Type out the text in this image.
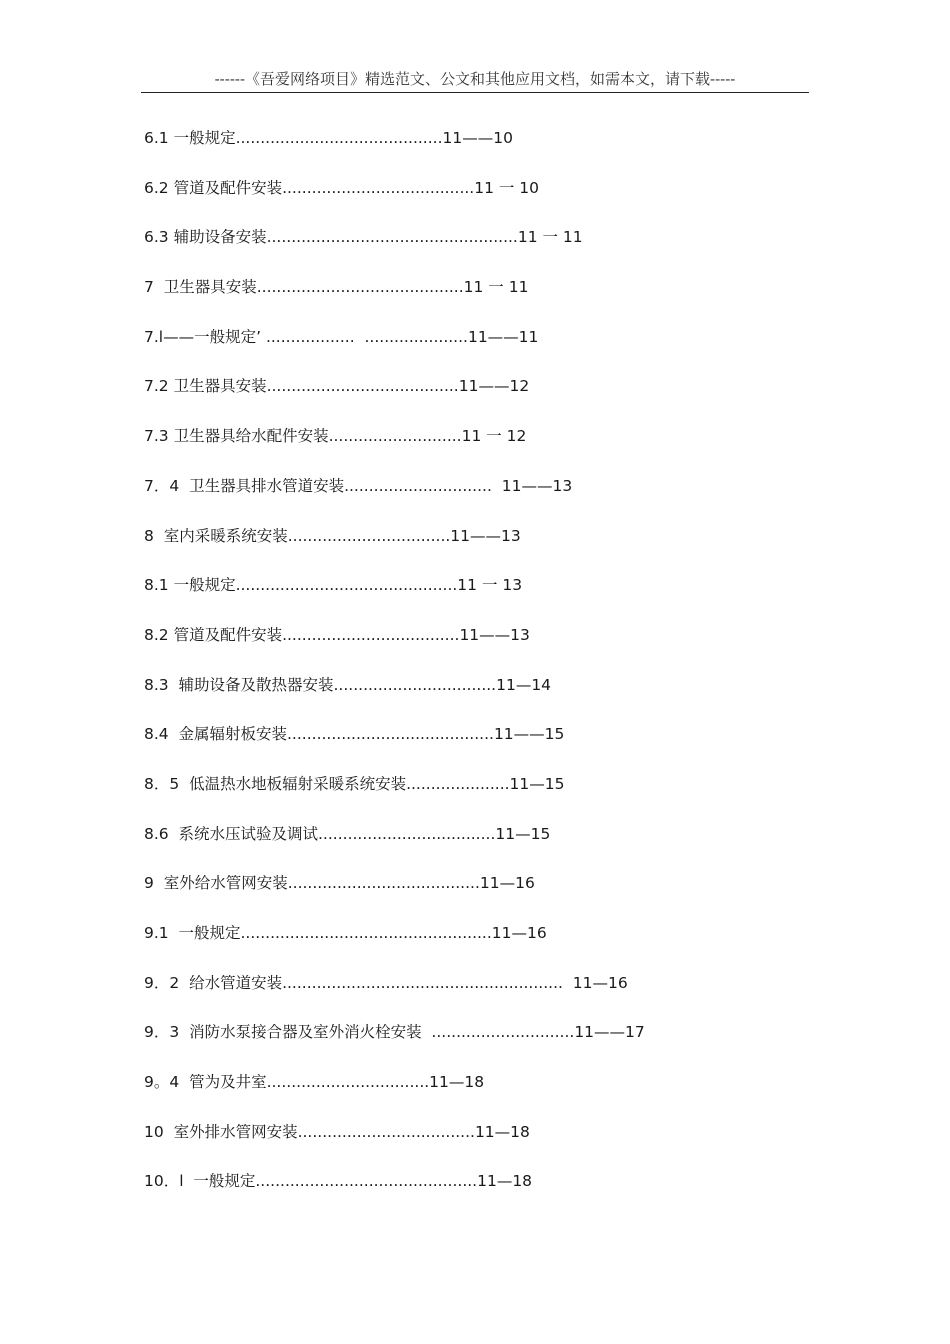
------《吾爱网络项目》精选范文、公文和其他应用文档，如需本文，请下载-----
6.1 一般规定..........................................11——10
6.2 管道及配件安装.......................................11 一 10
6.3 辅助设备安装...................................................11 一 11
7  卫生器具安装..........................................11 一 11
7.l——一般规定’ ..................  .....................11——11
7.2 卫生器具安装.......................................11——12
7.3 卫生器具给水配件安装...........................11 一 12
7．4  卫生器具排水管道安装..............................  11——13
8  室内采暖系统安装.................................11——13
8.1 一般规定.............................................11 一 13
8.2 管道及配件安装....................................11——13
8.3  辅助设备及散热器安装.................................11—14
8.4  金属辐射板安装..........................................11——15
8．5  低温热水地板辐射采暖系统安装.....................11—15
8.6  系统水压试验及调试....................................11—15
9  室外给水管网安装.......................................11—16
9.1  一般规定...................................................11—16
9．2  给水管道安装.........................................................  11—16
9．3  消防水泵接合器及室外消火栓安装  .............................11——17
9。4  管为及井室.................................11—18
10  室外排水管网安装....................................11—18
10．l  一般规定.............................................11—18
